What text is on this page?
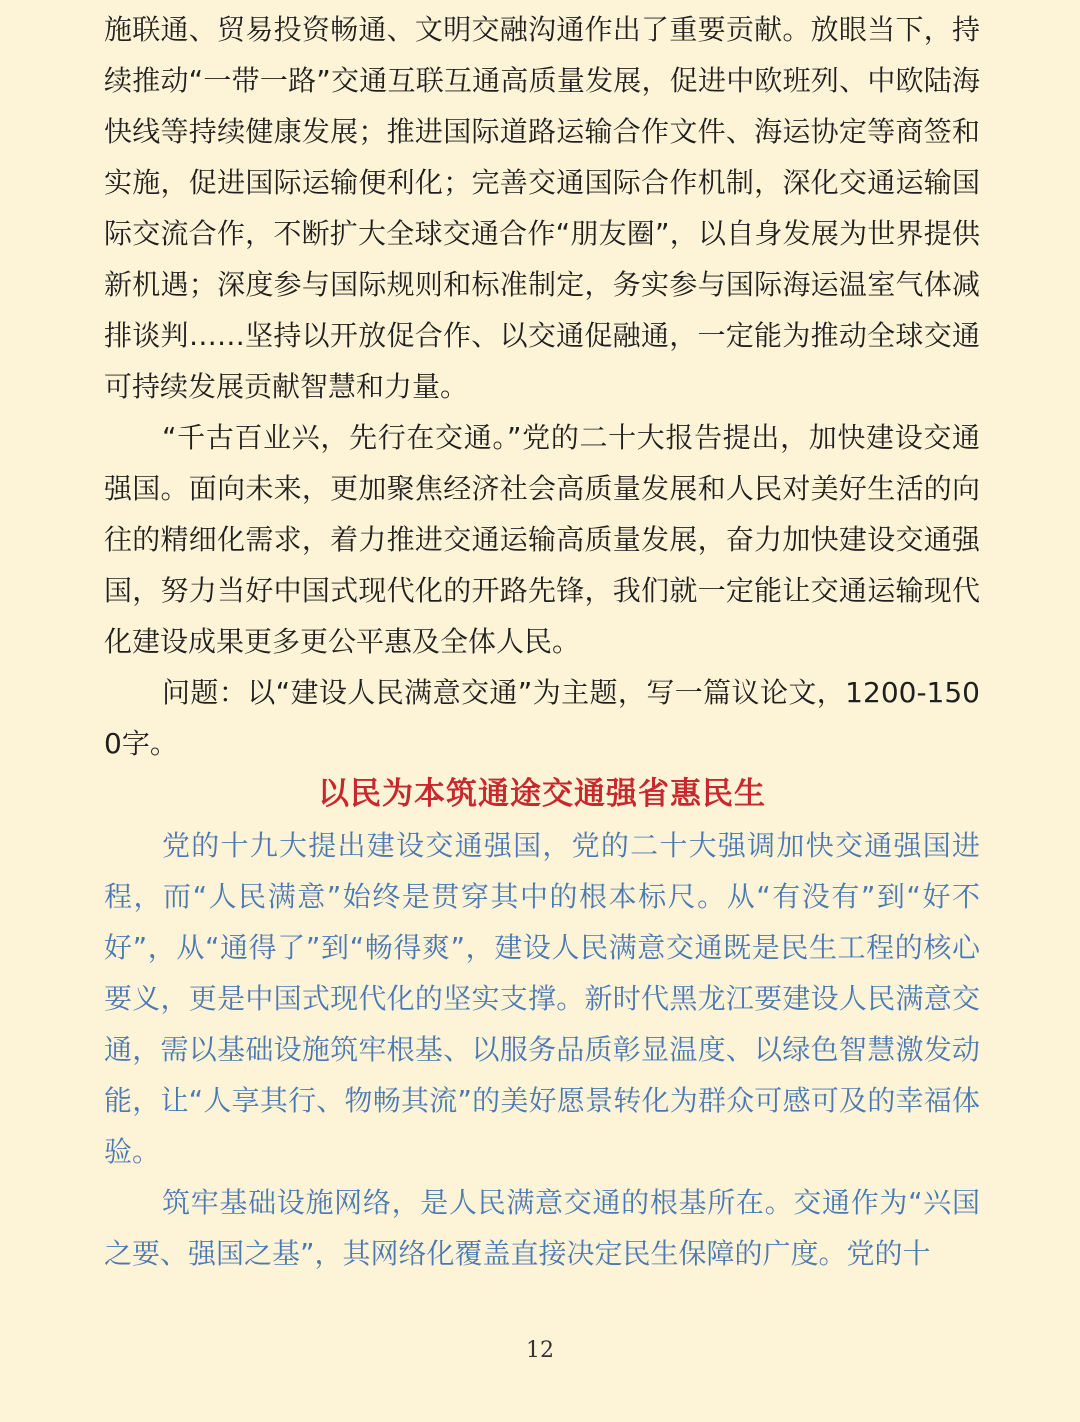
施联通、贸易投资畅通、文明交融沟通作出了重要贡献。放眼当下，持续推动“一带一路”交通互联互通高质量发展，促进中欧班列、中欧陆海快线等持续健康发展；推进国际道路运输合作文件、海运协定等商签和实施，促进国际运输便利化；完善交通国际合作机制，深化交通运输国际交流合作，不断扩大全球交通合作“朋友圈”，以自身发展为世界提供新机遇；深度参与国际规则和标准制定，务实参与国际海运温室气体减排谈判……坚持以开放促合作、以交通促融通，一定能为推动全球交通可持续发展贡献智慧和力量。

“千古百业兴，先行在交通。”党的二十大报告提出，加快建设交通强国。面向未来，更加聚焦经济社会高质量发展和人民对美好生活的向往的精细化需求，着力推进交通运输高质量发展，奋力加快建设交通强国，努力当好中国式现代化的开路先锋，我们就一定能让交通运输现代化建设成果更多更公平惠及全体人民。

问题：以“建设人民满意交通”为主题，写一篇议论文，1200-1500字。

以民为本筑通途交通强省惠民生

党的十九大提出建设交通强国，党的二十大强调加快交通强国进程，而“人民满意”始终是贯穿其中的根本标尺。从“有没有”到“好不好”，从“通得了”到“畅得爽”，建设人民满意交通既是民生工程的核心要义，更是中国式现代化的坚实支撑。新时代黑龙江要建设人民满意交通，需以基础设施筑牢根基、以服务品质彰显温度、以绿色智慧激发动能，让“人享其行、物畅其流”的美好愿景转化为群众可感可及的幸福体验。

筑牢基础设施网络，是人民满意交通的根基所在。交通作为“兴国之要、强国之基”，其网络化覆盖直接决定民生保障的广度。党的十

12
